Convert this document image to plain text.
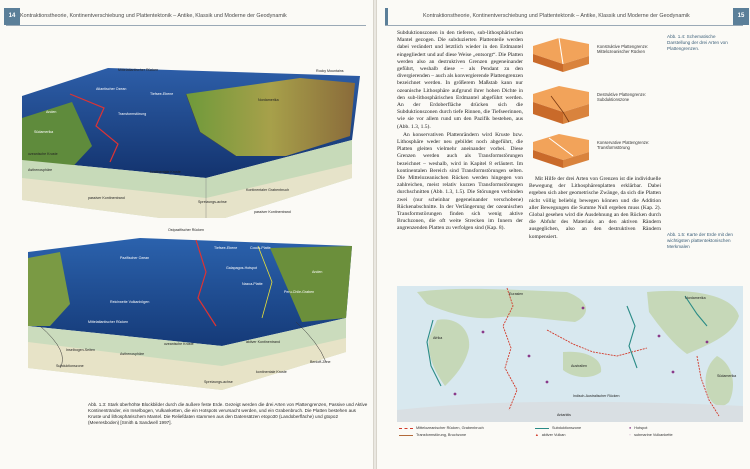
14 Kontraktionstheorie, Kontinentverschiebung und Plattentektonik – Antike, Klassik und Moderne der Geodynamik
Mittelatlantischer Rücken	Rocky Mountains
Atlantischer Ozean
Tiefsee-Ebene
Transformstörung
Nordamerika
Südamerika
Anden
ozeanische Kruste
Asthenosphäre
passiver Kontinentrand
kontinentale Kruste
Kontinentaler Grabenbruch
Spreizungs-achse
passiver Kontinentrand
Ostpazifischer Rücken
Pazifischer Ozean
Tiefsee-Ebene
Galapagos-Hotspot
Cocos-Platte
Nazca-Platte
Peru-Chile-Graben
Anden
Reichweite Vulkanbögen
Mittelatlantischer Rücken
Inselbogen-Seiten
Asthenosphäre
ozeanische Kruste	aktiver Kontinentrand
Subduktionszone
Spreizungs-achse
kontinentale Kruste
Benioff-Zone
Abb. 1.3: Stark überhöhte Blockbilder durch die äußere feste Erde. Gezeigt werden die drei Arten von Plattengrenzen, Passive und Aktive Kontinentränder, ein Inselbogen, Vulkanketten, die ein Hotspots verursacht werden, und ein Grabenbruch. Die Platten bestehen aus Kruste und lithosphärischem Mantel. Die Reliefdaten stammen aus den Datensätzen etopo30 (Landoberfläche) und gtopo2 (Meeresboden) [Smith & Sandwell 1997].
Kontraktionstheorie, Kontinentverschiebung und Plattentektonik – Antike, Klassik und Moderne der Geodynamik	15

Subduktionszonen in den tieferen, sub-lithosphärischen Mantel gezogen. Die subduzierten Plattenteile werden dabei verändert und letztlich wieder in den Erdmantel eingegliedert und auf diese Weise „entsorgt“. Die Platten werden also an destruktiven Grenzen gegeneinander geführt, weshalb diese – als Pendant zu den divergierenden – auch als konvergierende Plattengrenzen bezeichnet werden. In größerem Maßstab kann nur ozeanische Lithosphäre aufgrund ihrer hohen Dichte in den sub-lithosphärischen Erdmantel abgeführt werden. An der Erdoberfläche drücken sich die Subduktionszonen durch tiefe Rinnen, die Tiefseerinnen, wie sie vor allem rund um den Pazifik bestehen, aus (Abb. 1.3, 1.5).

An konservativen Plattenrändern wird Kruste bzw. Lithosphäre weder neu gebildet noch abgeführt, die Platten gleiten vielmehr aneinander vorbei. Diese Grenzen werden auch als Transformstörungen bezeichnet – weshalb, wird in Kapitel 8 erläutert. Im kontinentalen Bereich sind Transformstörungen selten. Die Mittelozeanischen Rücken werden hingegen von zahlreichen, meist relativ kurzen Transformstörungen durchschnitten (Abb. 1.3, 1.5). Die Störungen verbinden zwei (nur scheinbar gegeneinander verschobene) Rückenabschnitte. In der Verlängerung der ozeanischen Transformstörungen finden sich wenig aktive Bruchzonen, die oft weite Strecken im Innern der angrenzenden Platten zu verfolgen sind (Kap. 8).

Konstruktive Plattengrenze: Mittelozeanischer Rücken
Destruktive Plattengrenze: Subduktionszone
Konservative Plattengrenze: Transformstörung
Abb. 1.4: Schematische Darstellung der drei Arten von Plattengrenzen.

Mit Hilfe der drei Arten von Grenzen ist die individuelle Bewegung der Lithosphärenplatten erklärbar. Dabei ergeben sich aber geometrische Zwänge, da sich die Platten nicht völlig beliebig bewegen können und die Addition aller Bewegungen die Summe Null ergeben muss (Kap. 2). Global gesehen wird die Ausdehnung an den Rücken durch die Abfuhr des Materials an den aktiven Rändern ausgeglichen, also an den destruktiven Rändern kompensiert.	Abb. 1.5: Karte der Erde mit den wichtigsten plattentektonischen Merkmalen
Eurasien
Nordamerika
Afrika
Südamerika
Australien
Indisch-Australischer Rücken
Antarktis
Mittelozeanischer Rücken, Grabenbruch
Transformstörung, Bruchzone
Subduktionszone
▲ aktiver Vulkan
● Hotspot
∙∙ submarine Vulkankette
